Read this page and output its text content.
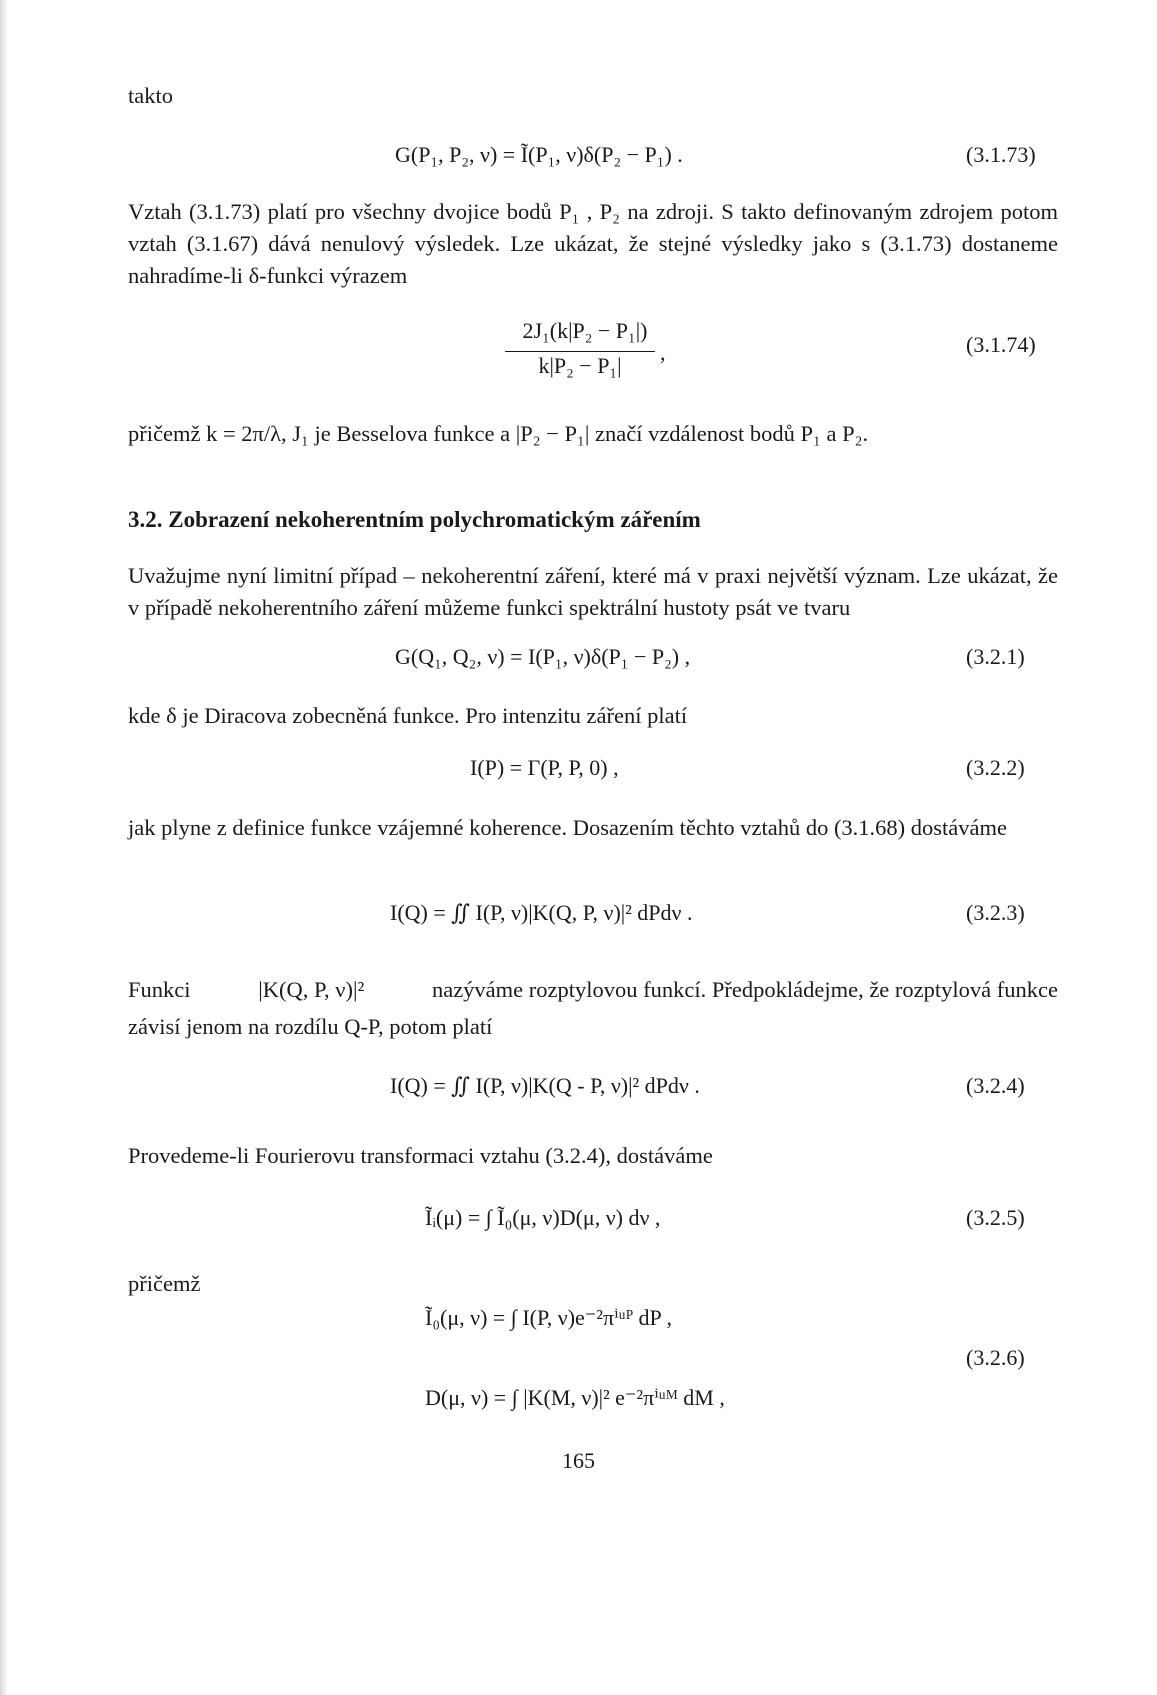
takto
G(P₁, P₂, ν) = Ĩ(P₁, ν)δ(P₂ − P₁) .	(3.1.73)
Vztah (3.1.73) platí pro všechny dvojice bodů P₁ , P₂ na zdroji. S takto definovaným zdrojem potom vztah (3.1.67) dává nenulový výsledek. Lze ukázat, že stejné výsledky jako s (3.1.73) dostaneme nahradíme-li δ-funkci výrazem
2J₁(k|P₂ − P₁|)
k|P₂ − P₁|
,	(3.1.74)
přičemž k = 2π/λ, J₁ je Besselova funkce a |P₂ − P₁| značí vzdálenost bodů P₁ a P₂.
3.2. Zobrazení nekoherentním polychromatickým zářením
Uvažujme nyní limitní případ – nekoherentní záření, které má v praxi největší význam. Lze ukázat, že v případě nekoherentního záření můžeme funkci spektrální hustoty psát ve tvaru
G(Q₁, Q₂, ν) = I(P₁, ν)δ(P₁ − P₂) ,	(3.2.1)
kde δ je Diracova zobecněná funkce. Pro intenzitu záření platí
I(P) = Γ(P, P, 0) ,	(3.2.2)
jak plyne z definice funkce vzájemné koherence. Dosazením těchto vztahů do (3.1.68) dostáváme
I(Q) = ∬ I(P, ν)|K(Q, P, ν)|² dPdν .	(3.2.3)
Funkci	|K(Q, P, ν)|²	nazýváme rozptylovou funkcí. Předpokládejme, že rozptylová funkce
závisí jenom na rozdílu Q-P, potom platí
I(Q) = ∬ I(P, ν)|K(Q - P, ν)|² dPdν .	(3.2.4)
Provedeme-li Fourierovu transformaci vztahu (3.2.4), dostáváme
Ĩᵢ(μ) = ∫ Ĩ₀(μ, ν)D(μ, ν) dν ,	(3.2.5)
přičemž
Ĩ₀(μ, ν) = ∫ I(P, ν)e⁻²πⁱᵘᴾ dP ,
D(μ, ν) = ∫ |K(M, ν)|² e⁻²πⁱᵘᴹ dM ,
(3.2.6)
165
